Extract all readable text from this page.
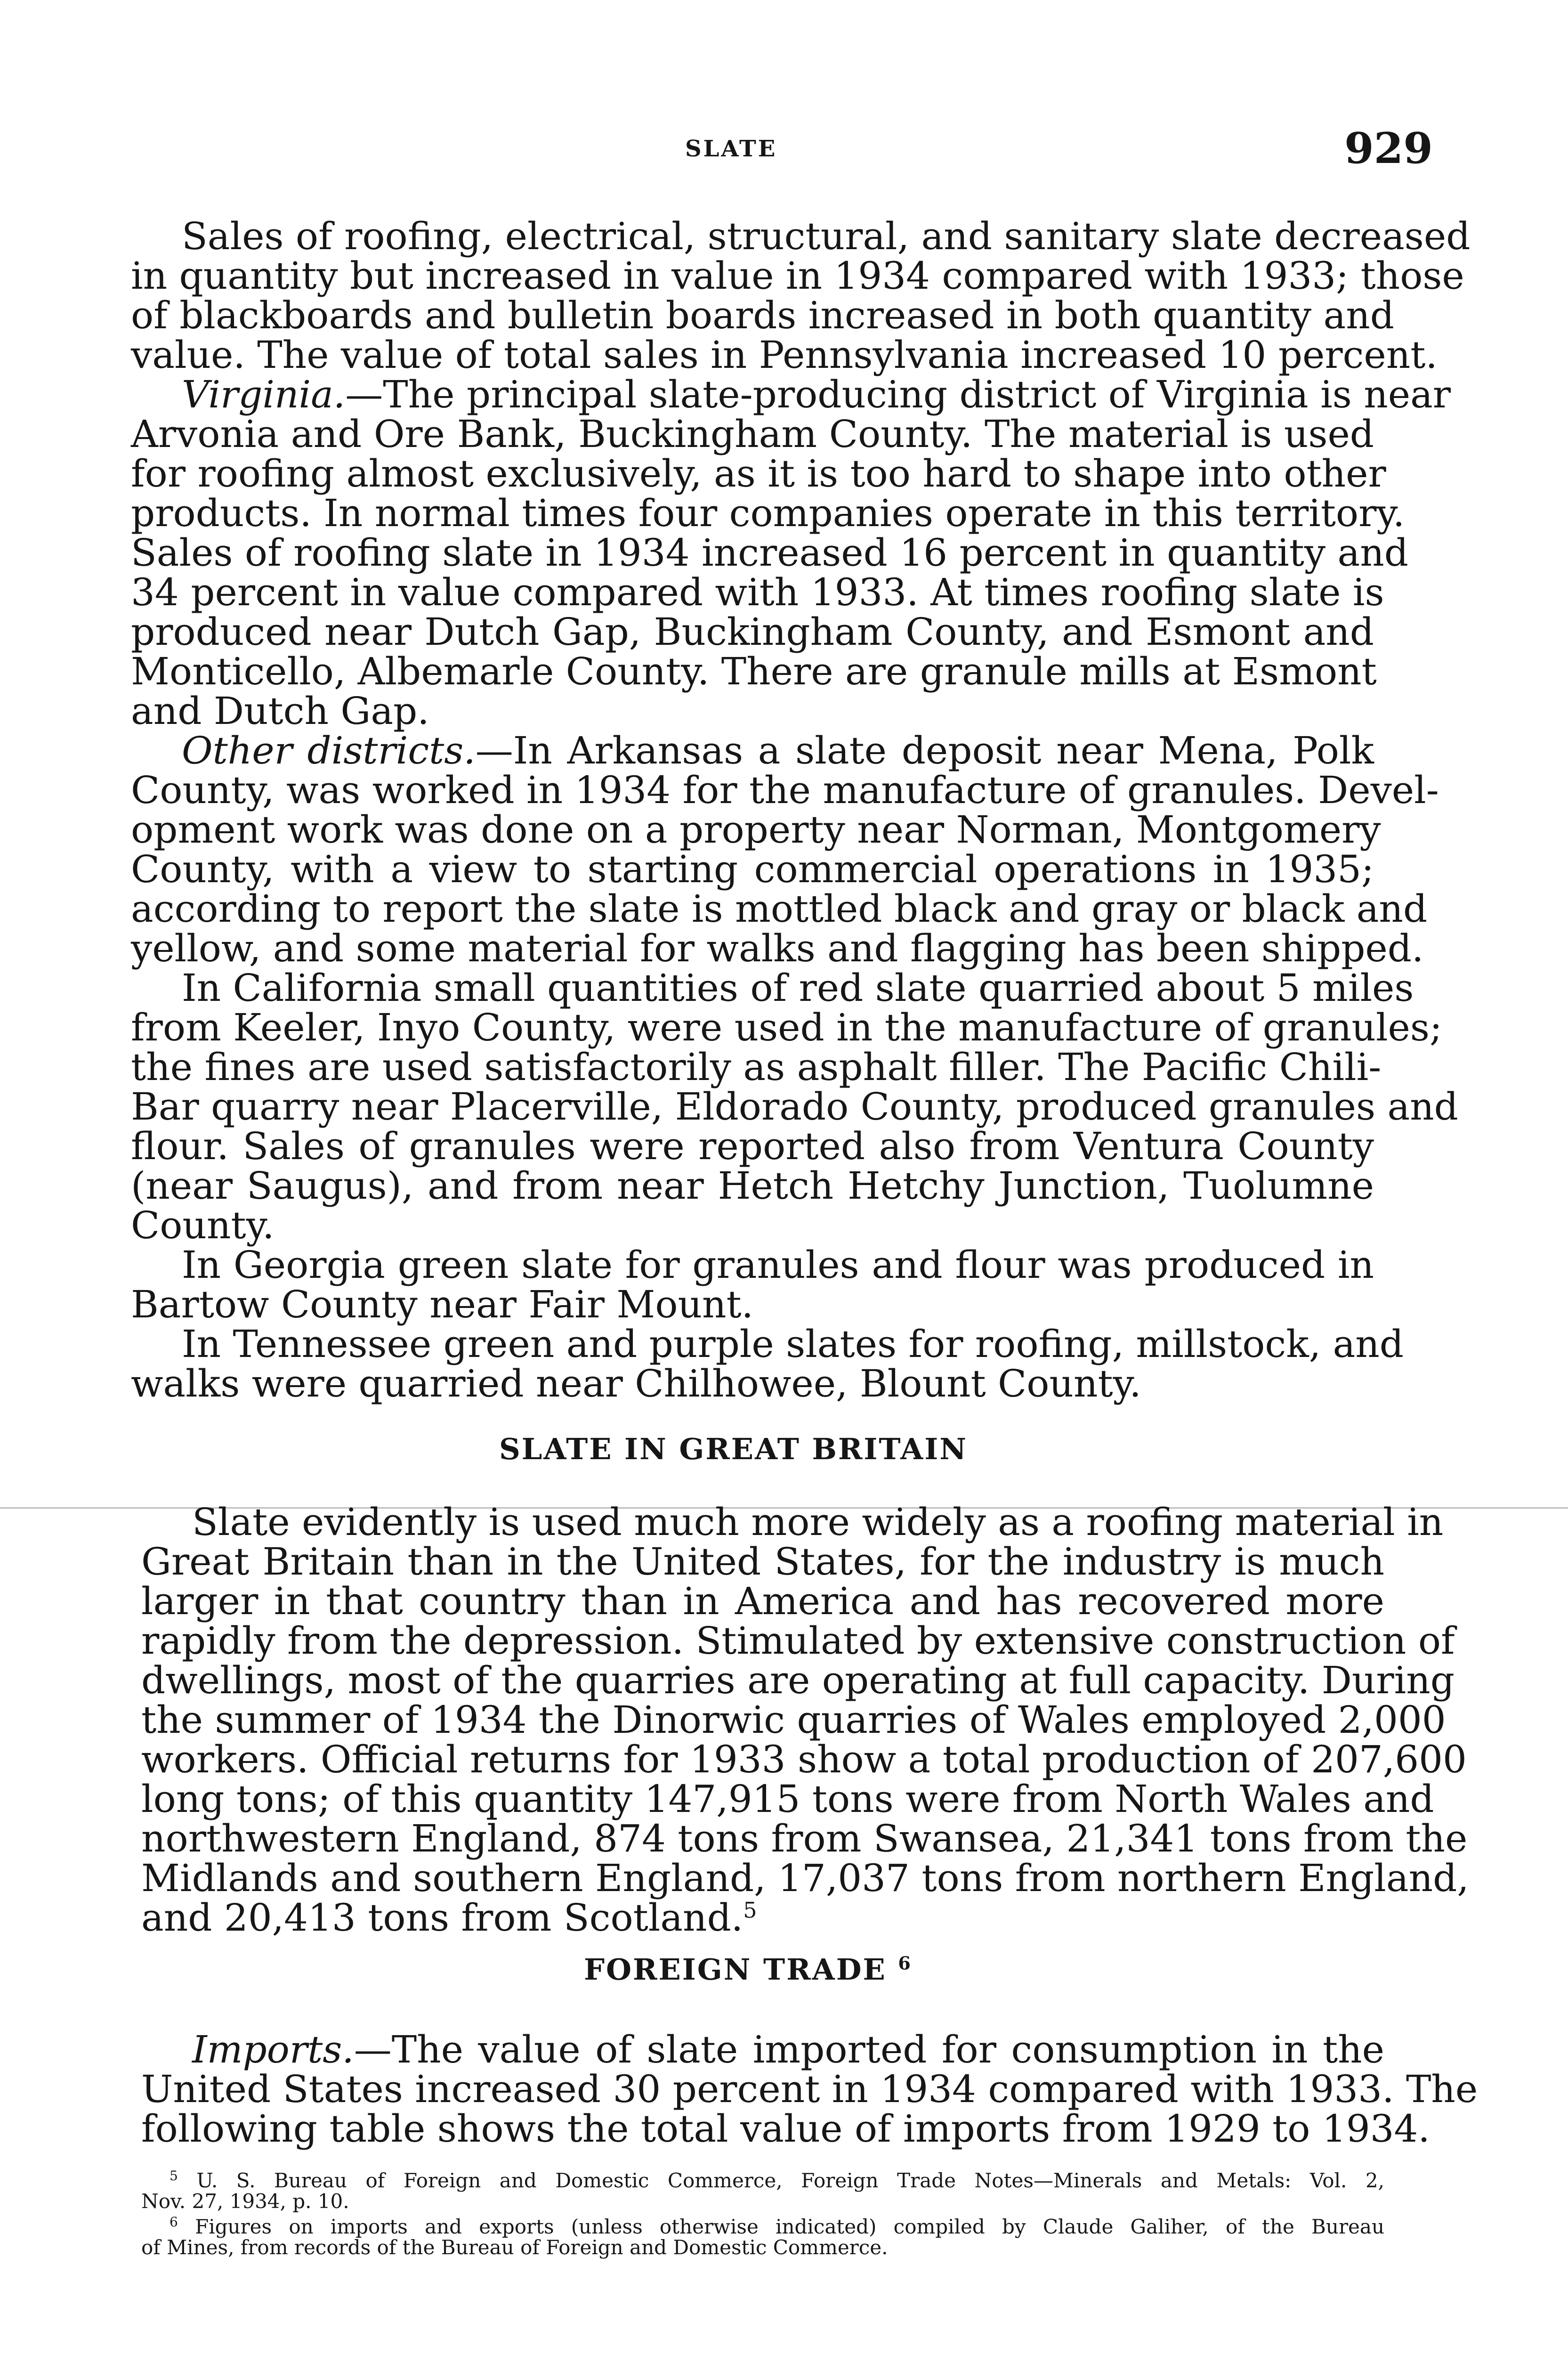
SLATE	929
Sales of roofing, electrical, structural, and sanitary slate decreased
in quantity but increased in value in 1934 compared with 1933; those
of blackboards and bulletin boards increased in both quantity and
value. The value of total sales in Pennsylvania increased 10 percent.
Virginia.—The principal slate-producing district of Virginia is near
Arvonia and Ore Bank, Buckingham County. The material is used
for roofing almost exclusively, as it is too hard to shape into other
products. In normal times four companies operate in this territory.
Sales of roofing slate in 1934 increased 16 percent in quantity and
34 percent in value compared with 1933. At times roofing slate is
produced near Dutch Gap, Buckingham County, and Esmont and
Monticello, Albemarle County. There are granule mills at Esmont
and Dutch Gap.
Other districts.—In Arkansas a slate deposit near Mena, Polk
County, was worked in 1934 for the manufacture of granules. Devel-
opment work was done on a property near Norman, Montgomery
County, with a view to starting commercial operations in 1935;
according to report the slate is mottled black and gray or black and
yellow, and some material for walks and flagging has been shipped.
In California small quantities of red slate quarried about 5 miles
from Keeler, Inyo County, were used in the manufacture of granules;
the fines are used satisfactorily as asphalt filler. The Pacific Chili-
Bar quarry near Placerville, Eldorado County, produced granules and
flour. Sales of granules were reported also from Ventura County
(near Saugus), and from near Hetch Hetchy Junction, Tuolumne
County.
In Georgia green slate for granules and flour was produced in
Bartow County near Fair Mount.
In Tennessee green and purple slates for roofing, millstock, and
walks were quarried near Chilhowee, Blount County.
SLATE IN GREAT BRITAIN
Slate evidently is used much more widely as a roofing material in
Great Britain than in the United States, for the industry is much
larger in that country than in America and has recovered more
rapidly from the depression. Stimulated by extensive construction of
dwellings, most of the quarries are operating at full capacity. During
the summer of 1934 the Dinorwic quarries of Wales employed 2,000
workers. Official returns for 1933 show a total production of 207,600
long tons; of this quantity 147,915 tons were from North Wales and
northwestern England, 874 tons from Swansea, 21,341 tons from the
Midlands and southern England, 17,037 tons from northern England,
and 20,413 tons from Scotland.$^5$
FOREIGN TRADE $^6$
Imports.—The value of slate imported for consumption in the
United States increased 30 percent in 1934 compared with 1933. The
following table shows the total value of imports from 1929 to 1934.
$^5$ U. S. Bureau of Foreign and Domestic Commerce, Foreign Trade Notes—Minerals and Metals: Vol. 2,
Nov. 27, 1934, p. 10.
$^6$ Figures on imports and exports (unless otherwise indicated) compiled by Claude Galiher, of the Bureau
of Mines, from records of the Bureau of Foreign and Domestic Commerce.
